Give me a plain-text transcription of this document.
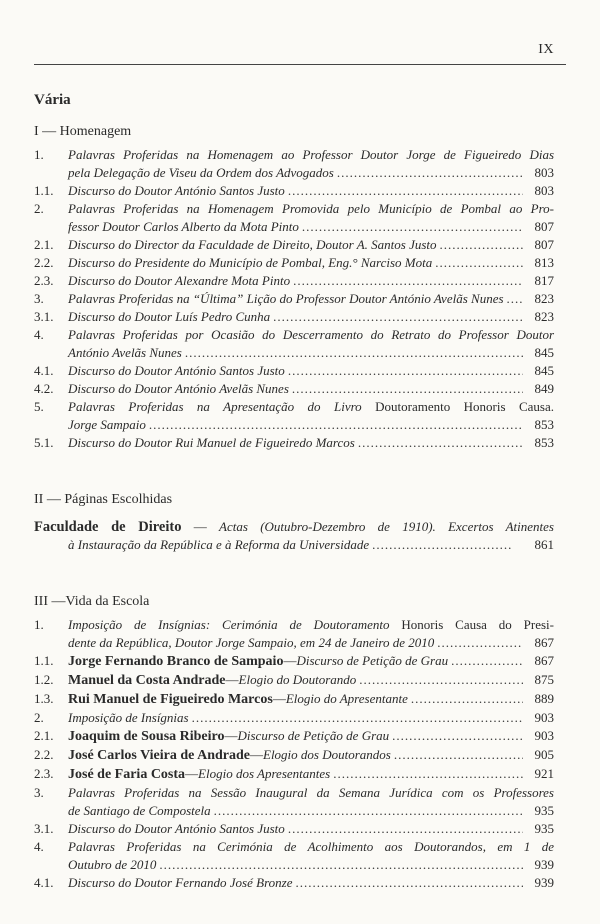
IX
Vária
I — Homenagem
1.	Palavras Proferidas na Homenagem ao Professor Doutor Jorge de Figueiredo Dias
pela Delegação de Viseu da Ordem dos Advogados .....	803
1.1.	Discurso do Doutor António Santos Justo .....	803
2.	Palavras Proferidas na Homenagem Promovida pelo Município de Pombal ao Pro-
fessor Doutor Carlos Alberto da Mota Pinto .....	807
2.1.	Discurso do Director da Faculdade de Direito, Doutor A. Santos Justo .....	807
2.2.	Discurso do Presidente do Município de Pombal, Eng.° Narciso Mota .....	813
2.3.	Discurso do Doutor Alexandre Mota Pinto .....	817
3.	Palavras Proferidas na “Última” Lição do Professor Doutor António Avelãs Nunes .....	823
3.1.	Discurso do Doutor Luís Pedro Cunha .....	823
4.	Palavras Proferidas por Ocasião do Descerramento do Retrato do Professor Doutor
António Avelãs Nunes .....	845
4.1.	Discurso do Doutor António Santos Justo .....	845
4.2.	Discurso do Doutor António Avelãs Nunes .....	849
5.	Palavras Proferidas na Apresentação do Livro Doutoramento Honoris Causa.
Jorge Sampaio .....	853
5.1.	Discurso do Doutor Rui Manuel de Figueiredo Marcos .....	853
II — Páginas Escolhidas
Faculdade de Direito — Actas (Outubro-Dezembro de 1910). Excertos Atinentes
à Instauração da República e à Reforma da Universidade .....	861
III —Vida da Escola
1.	Imposição de Insígnias: Cerimónia de Doutoramento Honoris Causa do Presi-
dente da República, Doutor Jorge Sampaio, em 24 de Janeiro de 2010 .....	867
1.1.	Jorge Fernando Branco de Sampaio — Discurso de Petição de Grau .....	867
1.2.	Manuel da Costa Andrade — Elogio do Doutorando .....	875
1.3.	Rui Manuel de Figueiredo Marcos — Elogio do Apresentante .....	889
2.	Imposição de Insígnias .....	903
2.1.	Joaquim de Sousa Ribeiro — Discurso de Petição de Grau .....	903
2.2.	José Carlos Vieira de Andrade — Elogio dos Doutorandos .....	905
2.3.	José de Faria Costa — Elogio dos Apresentantes .....	921
3.	Palavras Proferidas na Sessão Inaugural da Semana Jurídica com os Professores
de Santiago de Compostela .....	935
3.1.	Discurso do Doutor António Santos Justo .....	935
4.	Palavras Proferidas na Cerimónia de Acolhimento aos Doutorandos, em 1 de
Outubro de 2010 .....	939
4.1.	Discurso do Doutor Fernando José Bronze .....	939
